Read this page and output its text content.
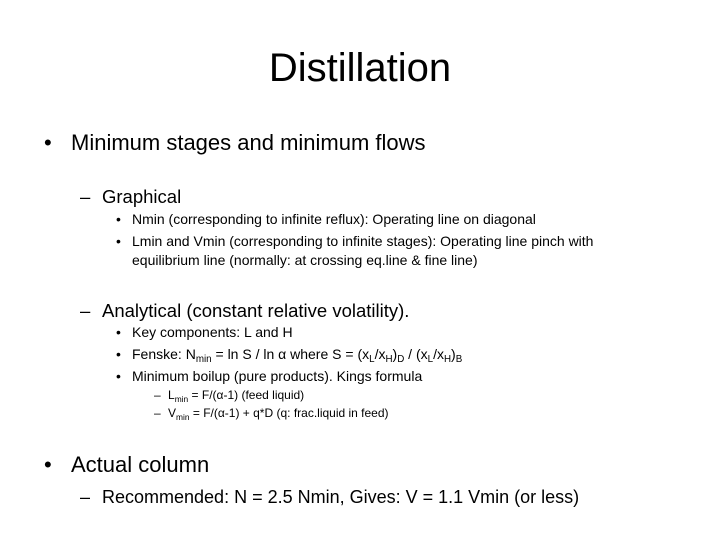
Distillation
• Minimum stages and minimum flows
– Graphical
• Nmin (corresponding to infinite reflux): Operating line on diagonal
• Lmin and Vmin (corresponding to infinite stages): Operating line pinch with
equilibrium line (normally: at crossing eq.line & fine line)
– Analytical (constant relative volatility).
• Key components: L and H
• Fenske: $N_{min} = \ln S / \ln \alpha$ where $S = (x_L/x_H)_D / (x_L/x_H)_B$
• Minimum boilup (pure products). Kings formula
– $L_{min} = F/(\alpha-1)$ (feed liquid)
– $V_{min} = F/(\alpha-1) + q*D$ (q: frac.liquid in feed)
• Actual column
– Recommended: N = 2.5 Nmin, Gives: V = 1.1 Vmin (or less)
